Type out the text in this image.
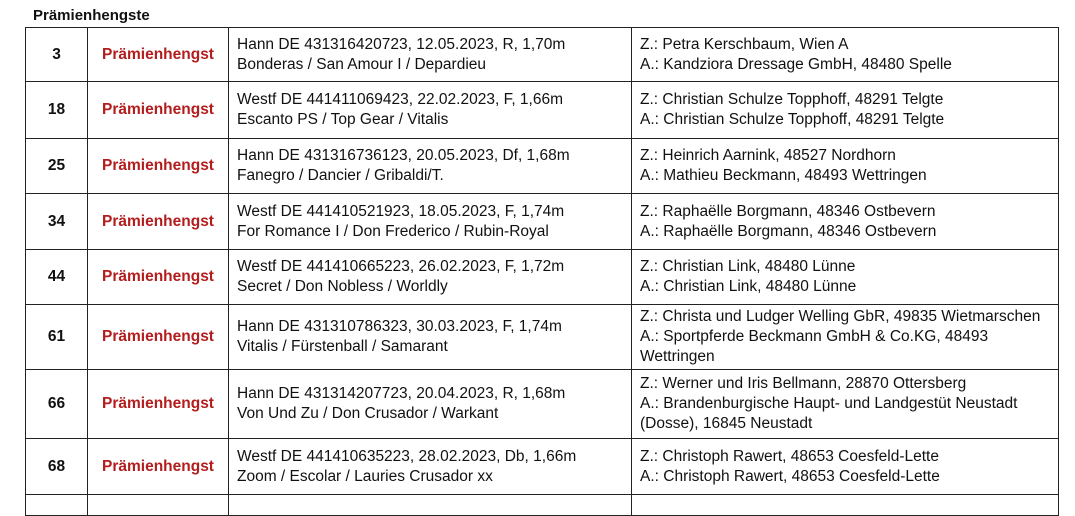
Prämienhengste
3	Prämienhengst	Hann DE 431316420723, 12.05.2023, R, 1,70m
Bonderas / San Amour I / Depardieu	Z.: Petra Kerschbaum, Wien A
A.: Kandziora Dressage GmbH, 48480 Spelle

18	Prämienhengst	Westf DE 441411069423, 22.02.2023, F, 1,66m
Escanto PS / Top Gear / Vitalis	Z.: Christian Schulze Topphoff, 48291 Telgte
A.: Christian Schulze Topphoff, 48291 Telgte

25	Prämienhengst	Hann DE 431316736123, 20.05.2023, Df, 1,68m
Fanegro / Dancier / Gribaldi/T.	Z.: Heinrich Aarnink, 48527 Nordhorn
A.: Mathieu Beckmann, 48493 Wettringen

34	Prämienhengst	Westf DE 441410521923, 18.05.2023, F, 1,74m
For Romance I / Don Frederico / Rubin-Royal	Z.: Raphaëlle Borgmann, 48346 Ostbevern
A.: Raphaëlle Borgmann, 48346 Ostbevern

44	Prämienhengst	Westf DE 441410665223, 26.02.2023, F, 1,72m
Secret / Don Nobless / Worldly	Z.: Christian Link, 48480 Lünne
A.: Christian Link, 48480 Lünne

61	Prämienhengst	Hann DE 431310786323, 30.03.2023, F, 1,74m
Vitalis / Fürstenball / Samarant	Z.: Christa und Ludger Welling GbR, 49835 Wietmarschen
A.: Sportpferde Beckmann GmbH & Co.KG, 48493
Wettringen

66	Prämienhengst	Hann DE 431314207723, 20.04.2023, R, 1,68m
Von Und Zu / Don Crusador / Warkant	Z.: Werner und Iris Bellmann, 28870 Ottersberg
A.: Brandenburgische Haupt- und Landgestüt Neustadt
(Dosse), 16845 Neustadt

68	Prämienhengst	Westf DE 441410635223, 28.02.2023, Db, 1,66m
Zoom / Escolar / Lauries Crusador xx	Z.: Christoph Rawert, 48653 Coesfeld-Lette
A.: Christoph Rawert, 48653 Coesfeld-Lette
